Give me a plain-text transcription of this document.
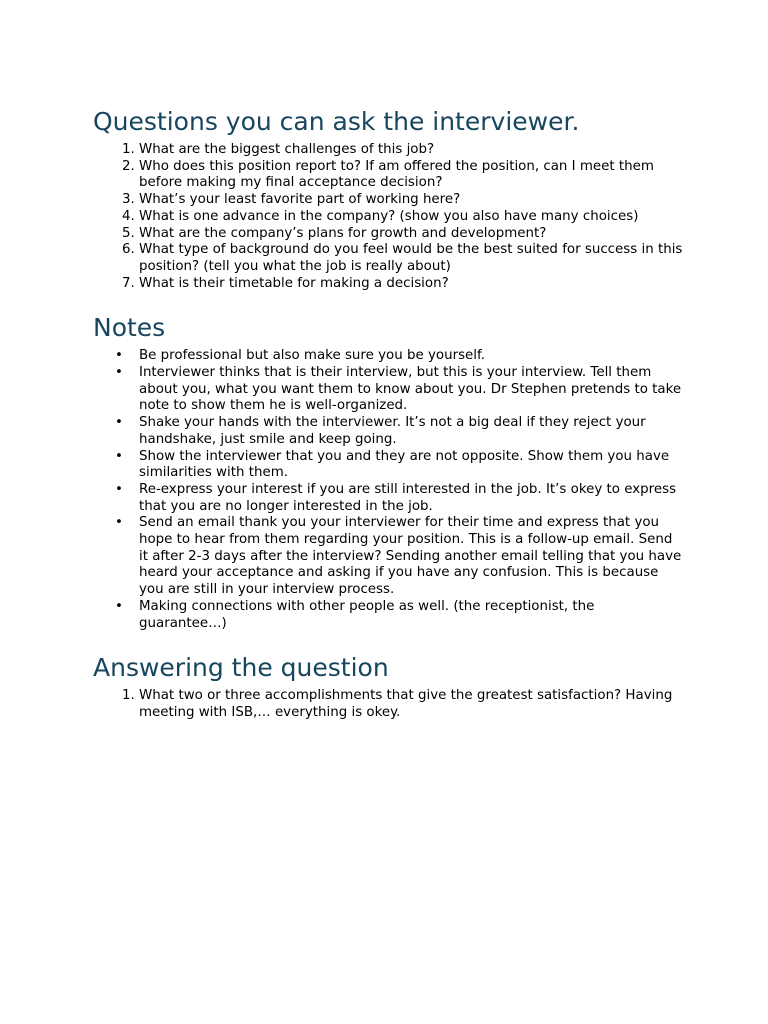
Questions you can ask the interviewer.
1. What are the biggest challenges of this job?
2. Who does this position report to? If am offered the position, can I meet them before making my final acceptance decision?
3. What’s your least favorite part of working here?
4. What is one advance in the company? (show you also have many choices)
5. What are the company’s plans for growth and development?
6. What type of background do you feel would be the best suited for success in this position? (tell you what the job is really about)
7. What is their timetable for making a decision?
Notes
• Be professional but also make sure you be yourself.
• Interviewer thinks that is their interview, but this is your interview. Tell them about you, what you want them to know about you. Dr Stephen pretends to take note to show them he is well-organized.
• Shake your hands with the interviewer. It’s not a big deal if they reject your handshake, just smile and keep going.
• Show the interviewer that you and they are not opposite. Show them you have similarities with them.
• Re-express your interest if you are still interested in the job. It’s okey to express that you are no longer interested in the job.
• Send an email thank you your interviewer for their time and express that you hope to hear from them regarding your position. This is a follow-up email. Send it after 2-3 days after the interview? Sending another email telling that you have heard your acceptance and asking if you have any confusion. This is because you are still in your interview process.
• Making connections with other people as well. (the receptionist, the guarantee…)
Answering the question
1. What two or three accomplishments that give the greatest satisfaction? Having meeting with ISB,… everything is okey.
